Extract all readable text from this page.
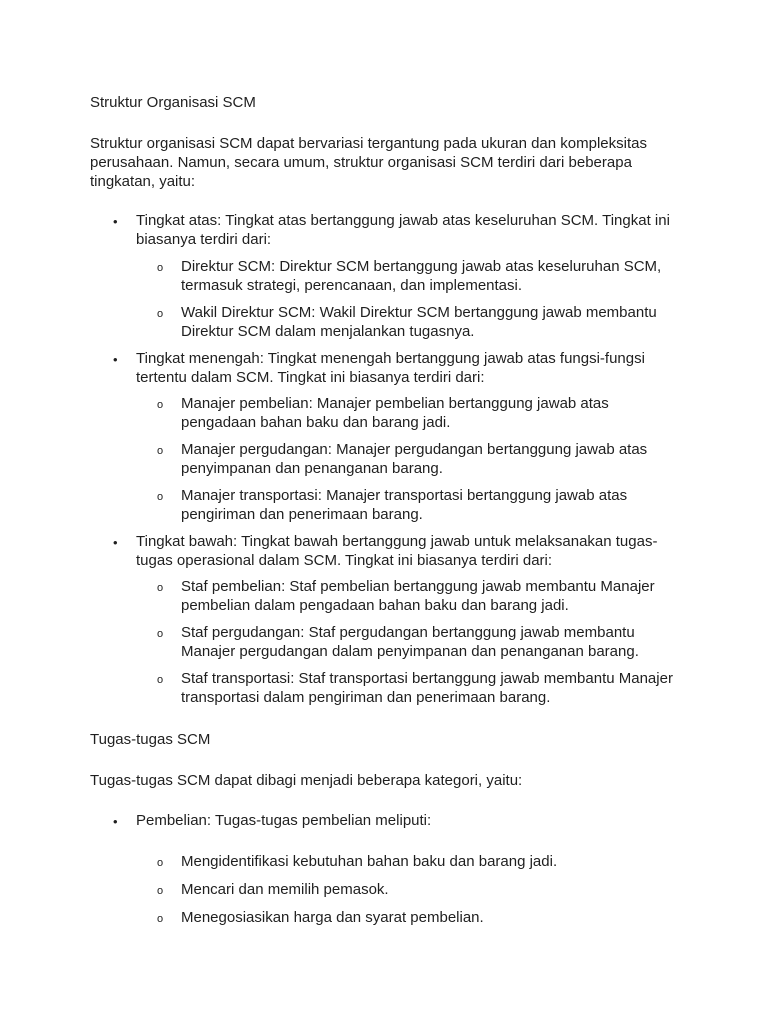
Struktur Organisasi SCM

Struktur organisasi SCM dapat bervariasi tergantung pada ukuran dan kompleksitas perusahaan. Namun, secara umum, struktur organisasi SCM terdiri dari beberapa tingkatan, yaitu:

•

Tingkat atas: Tingkat atas bertanggung jawab atas keseluruhan SCM. Tingkat ini biasanya terdiri dari:

o

Direktur SCM: Direktur SCM bertanggung jawab atas keseluruhan SCM, termasuk strategi, perencanaan, dan implementasi.

o

Wakil Direktur SCM: Wakil Direktur SCM bertanggung jawab membantu Direktur SCM dalam menjalankan tugasnya.

•

Tingkat menengah: Tingkat menengah bertanggung jawab atas fungsi-fungsi tertentu dalam SCM. Tingkat ini biasanya terdiri dari:

o

Manajer pembelian: Manajer pembelian bertanggung jawab atas pengadaan bahan baku dan barang jadi.

o

Manajer pergudangan: Manajer pergudangan bertanggung jawab atas penyimpanan dan penanganan barang.

o

Manajer transportasi: Manajer transportasi bertanggung jawab atas pengiriman dan penerimaan barang.

•

Tingkat bawah: Tingkat bawah bertanggung jawab untuk melaksanakan tugas-tugas operasional dalam SCM. Tingkat ini biasanya terdiri dari:

o

Staf pembelian: Staf pembelian bertanggung jawab membantu Manajer pembelian dalam pengadaan bahan baku dan barang jadi.

o

Staf pergudangan: Staf pergudangan bertanggung jawab membantu Manajer pergudangan dalam penyimpanan dan penanganan barang.

o

Staf transportasi: Staf transportasi bertanggung jawab membantu Manajer transportasi dalam pengiriman dan penerimaan barang.

Tugas-tugas SCM

Tugas-tugas SCM dapat dibagi menjadi beberapa kategori, yaitu:

•

Pembelian: Tugas-tugas pembelian meliputi:

o

Mengidentifikasi kebutuhan bahan baku dan barang jadi.

o

Mencari dan memilih pemasok.

o

Menegosiasikan harga dan syarat pembelian.
